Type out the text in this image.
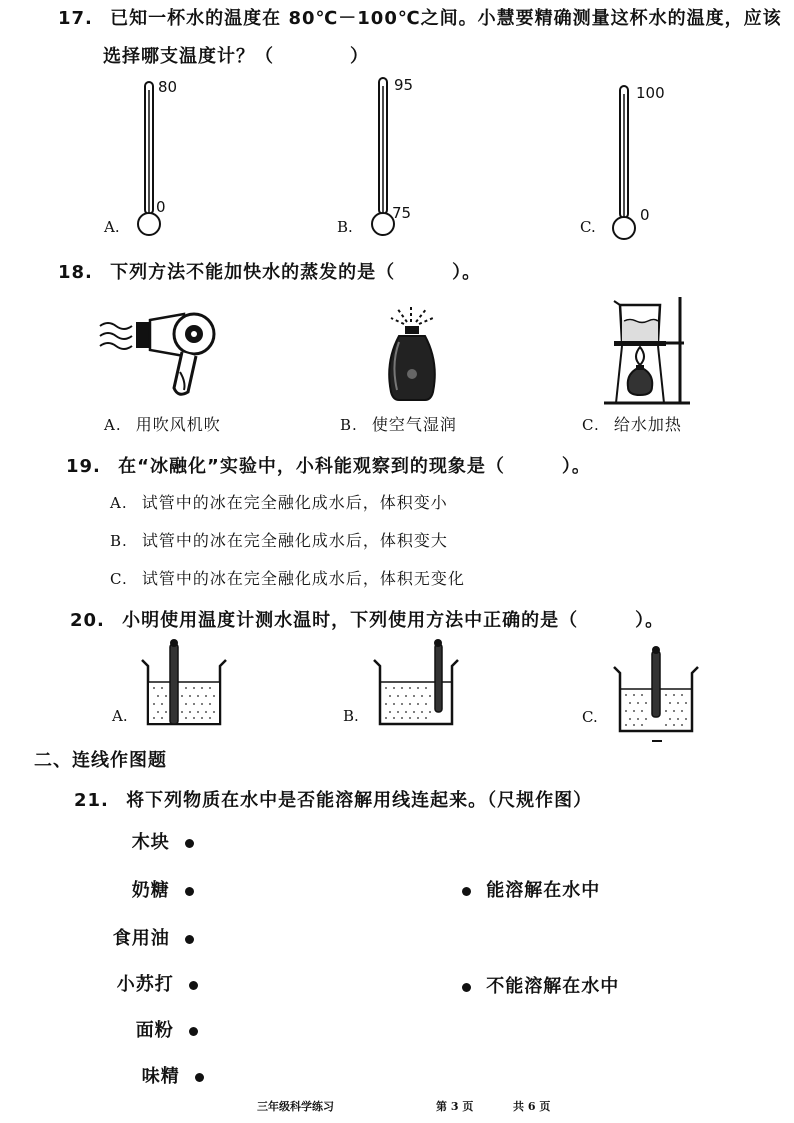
17. 已知一杯水的温度在 80℃－100℃之间。小慧要精确测量这杯水的温度，应该
选择哪支温度计？（　　　　）
80
0
A.
95
75
B.
100
0
C.
18. 下列方法不能加快水的蒸发的是（　　　）。
A. 用吹风机吹	B. 使空气湿润	C. 给水加热
19. 在“冰融化”实验中，小科能观察到的现象是（　　　）。
A. 试管中的冰在完全融化成水后，体积变小
B. 试管中的冰在完全融化成水后，体积变大
C. 试管中的冰在完全融化成水后，体积无变化
20. 小明使用温度计测水温时，下列使用方法中正确的是（　　　）。
A.	B.	C.
二、连线作图题
21. 将下列物质在水中是否能溶解用线连起来。（尺规作图）
木块
奶糖
食用油
小苏打
面粉
味精
能溶解在水中
不能溶解在水中
三年级科学练习	第 3 页	共 6 页
